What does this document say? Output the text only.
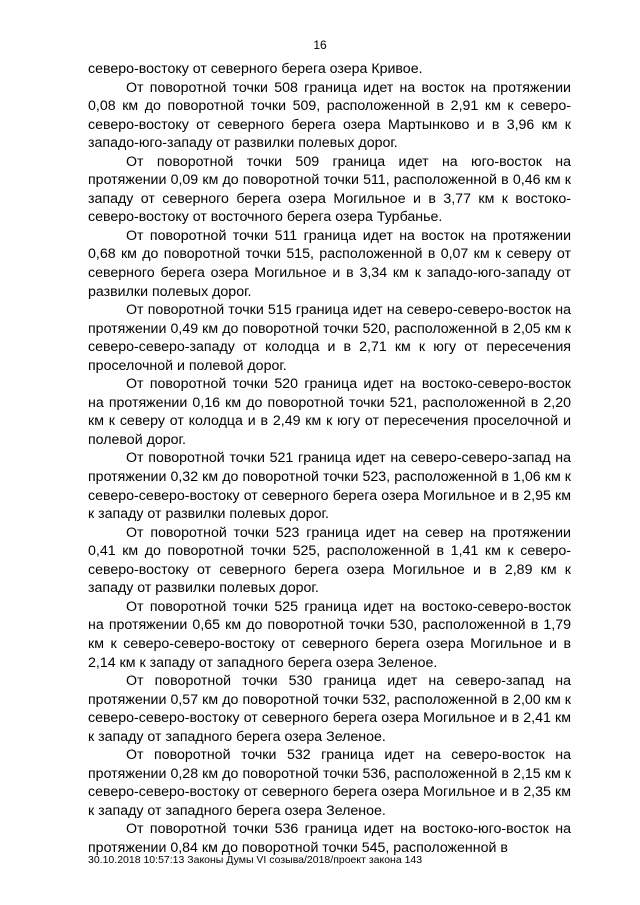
16

северо-востоку от северного берега озера Кривое.

От поворотной точки 508 граница идет на восток на протяжении 0,08 км до поворотной точки 509, расположенной в 2,91 км к северо-северо-востоку от северного берега озера Мартынково и в 3,96 км к западо-юго-западу от развилки полевых дорог.

От поворотной точки 509 граница идет на юго-восток на протяжении 0,09 км до поворотной точки 511, расположенной в 0,46 км к западу от северного берега озера Могильное и в 3,77 км к востоко-северо-востоку от восточного берега озера Турбанье.

От поворотной точки 511 граница идет на восток на протяжении 0,68 км до поворотной точки 515, расположенной в 0,07 км к северу от северного берега озера Могильное и в 3,34 км к западо-юго-западу от развилки полевых дорог.

От поворотной точки 515 граница идет на северо-северо-восток на протяжении 0,49 км до поворотной точки 520, расположенной в 2,05 км к северо-северо-западу от колодца и в 2,71 км к югу от пересечения проселочной и полевой дорог.

От поворотной точки 520 граница идет на востоко-северо-восток на протяжении 0,16 км до поворотной точки 521, расположенной в 2,20 км к северу от колодца и в 2,49 км к югу от пересечения проселочной и полевой дорог.

От поворотной точки 521 граница идет на северо-северо-запад на протяжении 0,32 км до поворотной точки 523, расположенной в 1,06 км к северо-северо-востоку от северного берега озера Могильное и в 2,95 км к западу от развилки полевых дорог.

От поворотной точки 523 граница идет на север на протяжении 0,41 км до поворотной точки 525, расположенной в 1,41 км к северо-северо-востоку от северного берега озера Могильное и в 2,89 км к западу от развилки полевых дорог.

От поворотной точки 525 граница идет на востоко-северо-восток на протяжении 0,65 км до поворотной точки 530, расположенной в 1,79 км к северо-северо-востоку от северного берега озера Могильное и в 2,14 км к западу от западного берега озера Зеленое.

От поворотной точки 530 граница идет на северо-запад на протяжении 0,57 км до поворотной точки 532, расположенной в 2,00 км к северо-северо-востоку от северного берега озера Могильное и в 2,41 км к западу от западного берега озера Зеленое.

От поворотной точки 532 граница идет на северо-восток на протяжении 0,28 км до поворотной точки 536, расположенной в 2,15 км к северо-северо-востоку от северного берега озера Могильное и в 2,35 км к западу от западного берега озера Зеленое.

От поворотной точки 536 граница идет на востоко-юго-восток на протяжении 0,84 км до поворотной точки 545, расположенной в

30.10.2018 10:57:13 Законы Думы VI созыва/2018/проект закона 143
